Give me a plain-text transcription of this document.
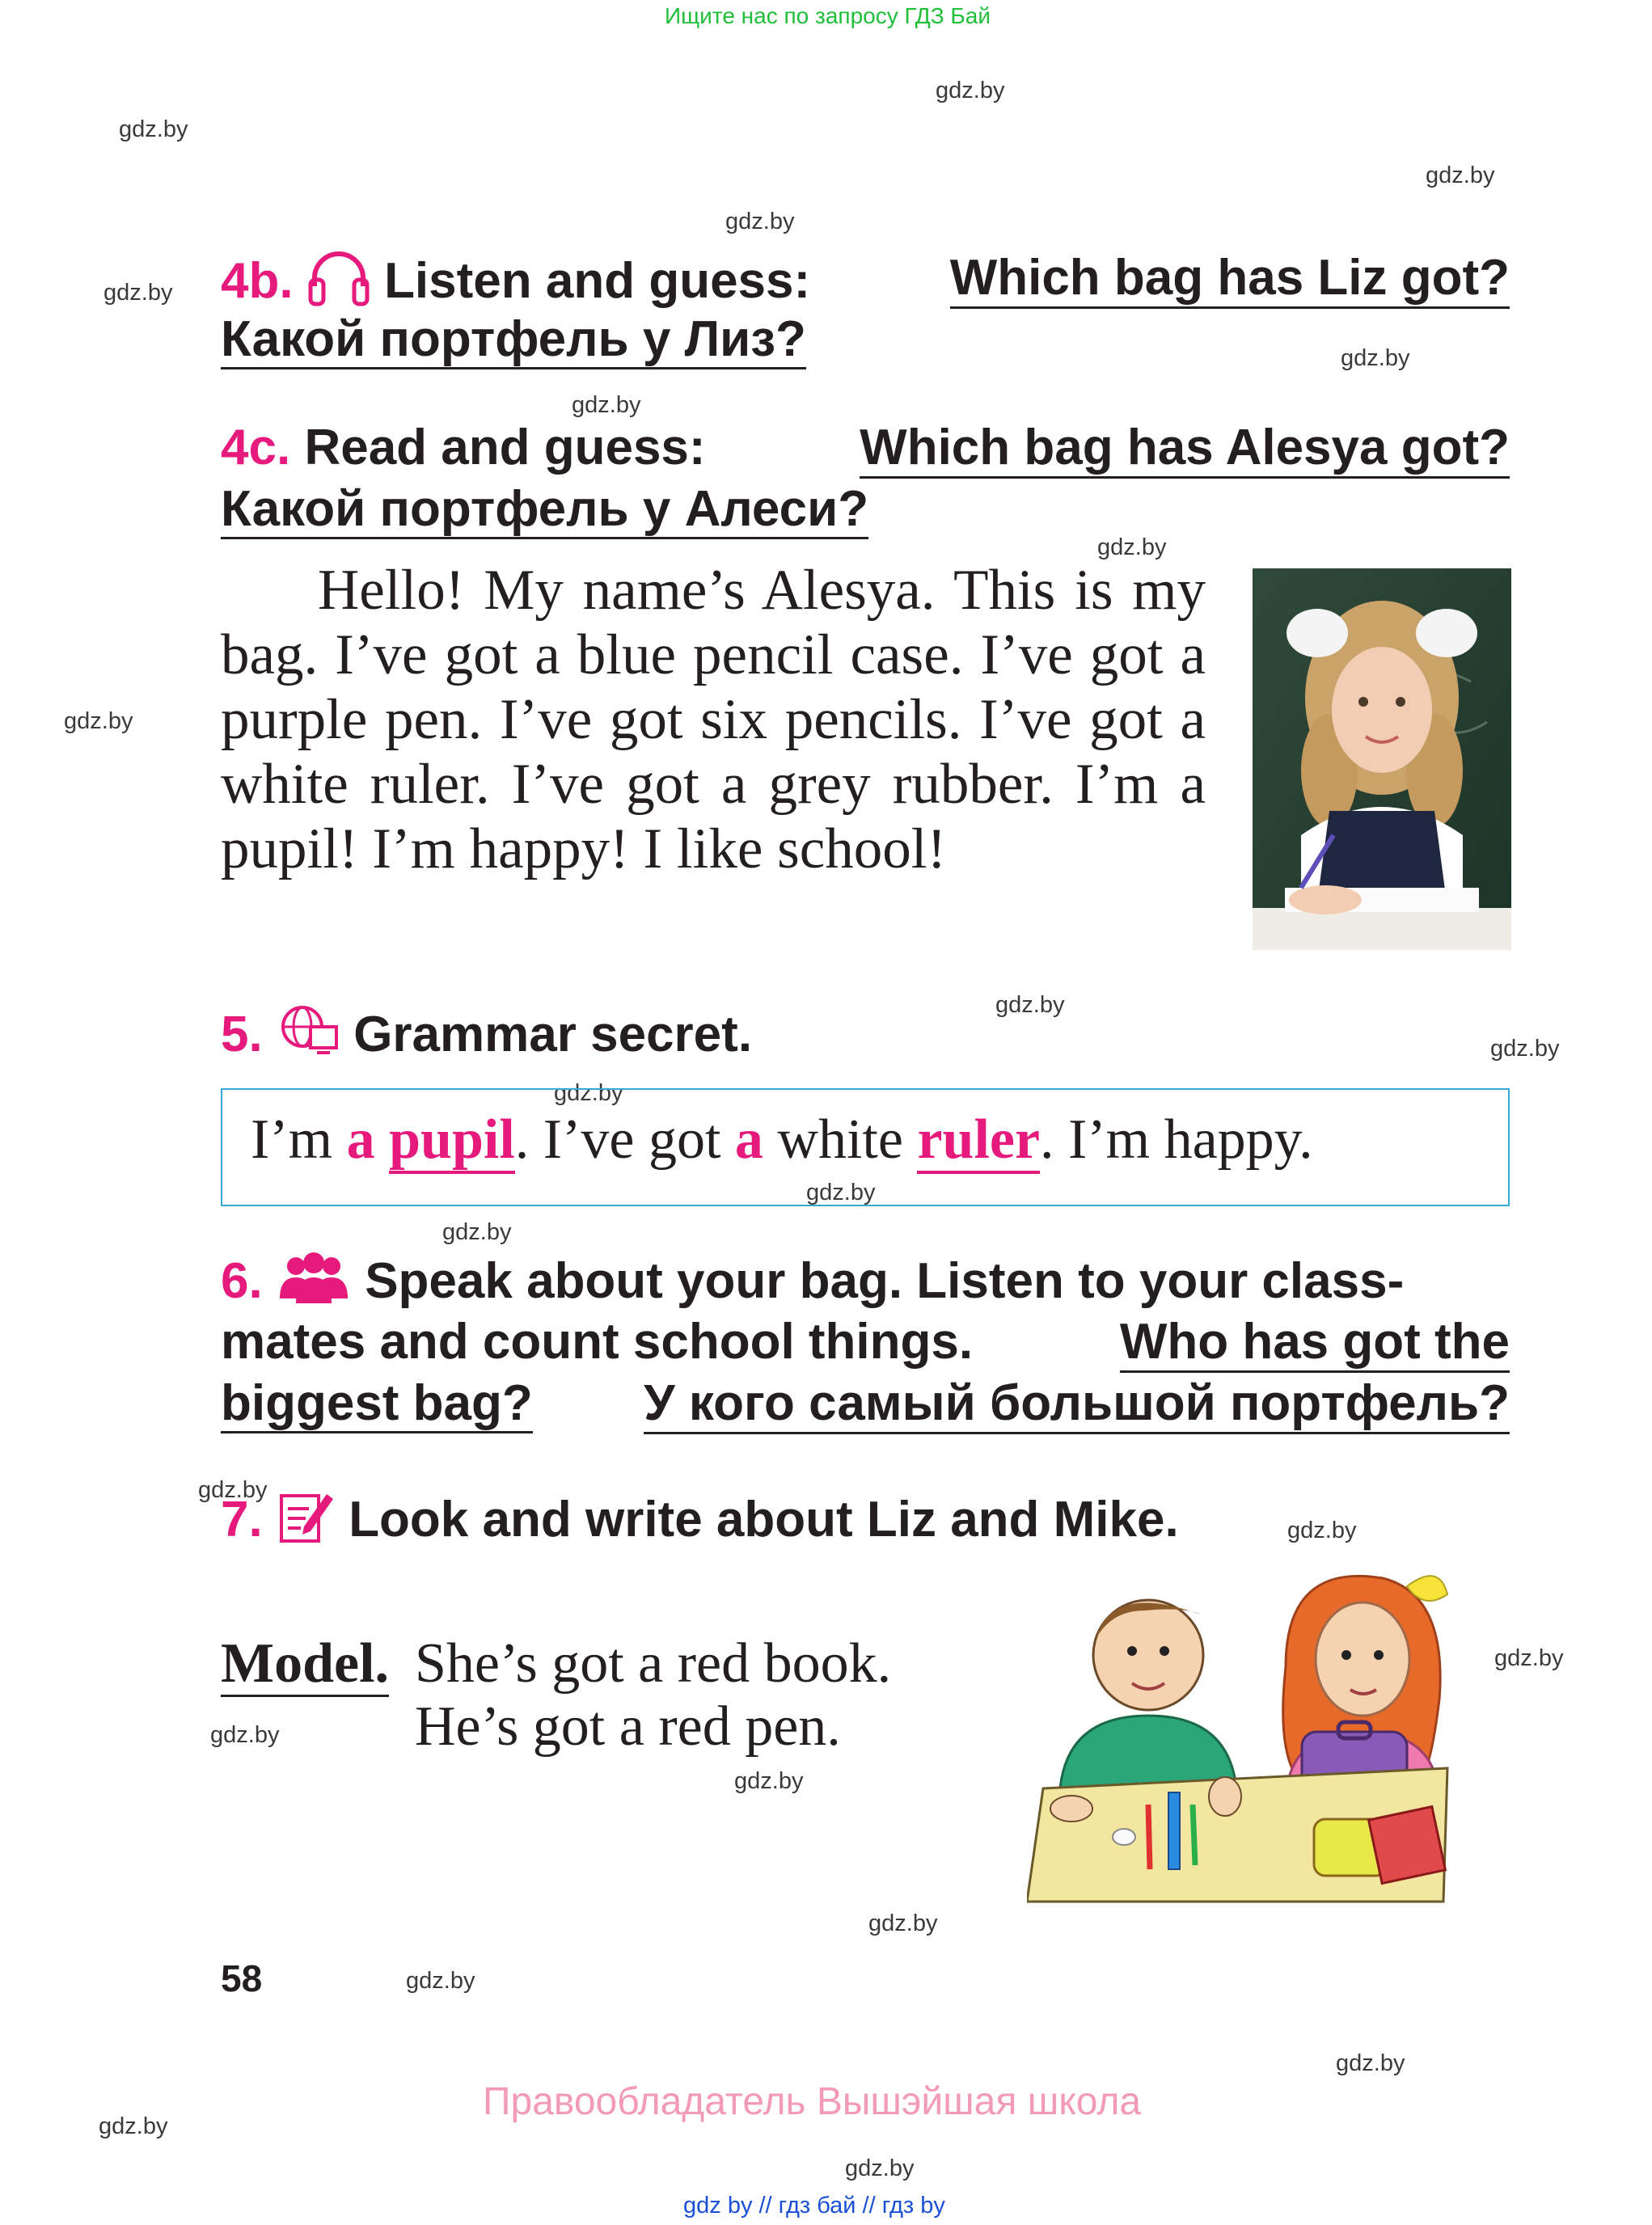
Ищите нас по запросу ГДЗ Бай
gdz.by
gdz.by
gdz.by
gdz.by
gdz.by
gdz.by
gdz.by
gdz.by
gdz.by
gdz.by
gdz.by
gdz.by
gdz.by
gdz.by
gdz.by
gdz.by
gdz.by
gdz.by
gdz.by
gdz.by
gdz.by
gdz.by
gdz.by
gdz.by
4b. Listen and guess:	Which bag has Liz got?
Какой портфель у Лиз?
4c. Read and guess:	Which bag has Alesya got?
Какой портфель у Алеси?
Hello! My name’s Alesya. This is my bag. I’ve got a blue pencil case. I’ve got a purple pen. I’ve got six pencils. I’ve got a white ruler. I’ve got a grey rubber. I’m a pupil! I’m happy! I like school!
5. Grammar secret.
I’m a pupil. I’ve got a white ruler. I’m happy.
6. Speak about your bag. Listen to your class-
mates and count school things.	Who has got the
biggest bag? У кого самый большой портфель?
7. Look and write about Liz and Mike.
Model. She’s got a red book.
He’s got a red pen.
58
Правообладатель Вышэйшая школа
gdz by // гдз бай // гдз by
